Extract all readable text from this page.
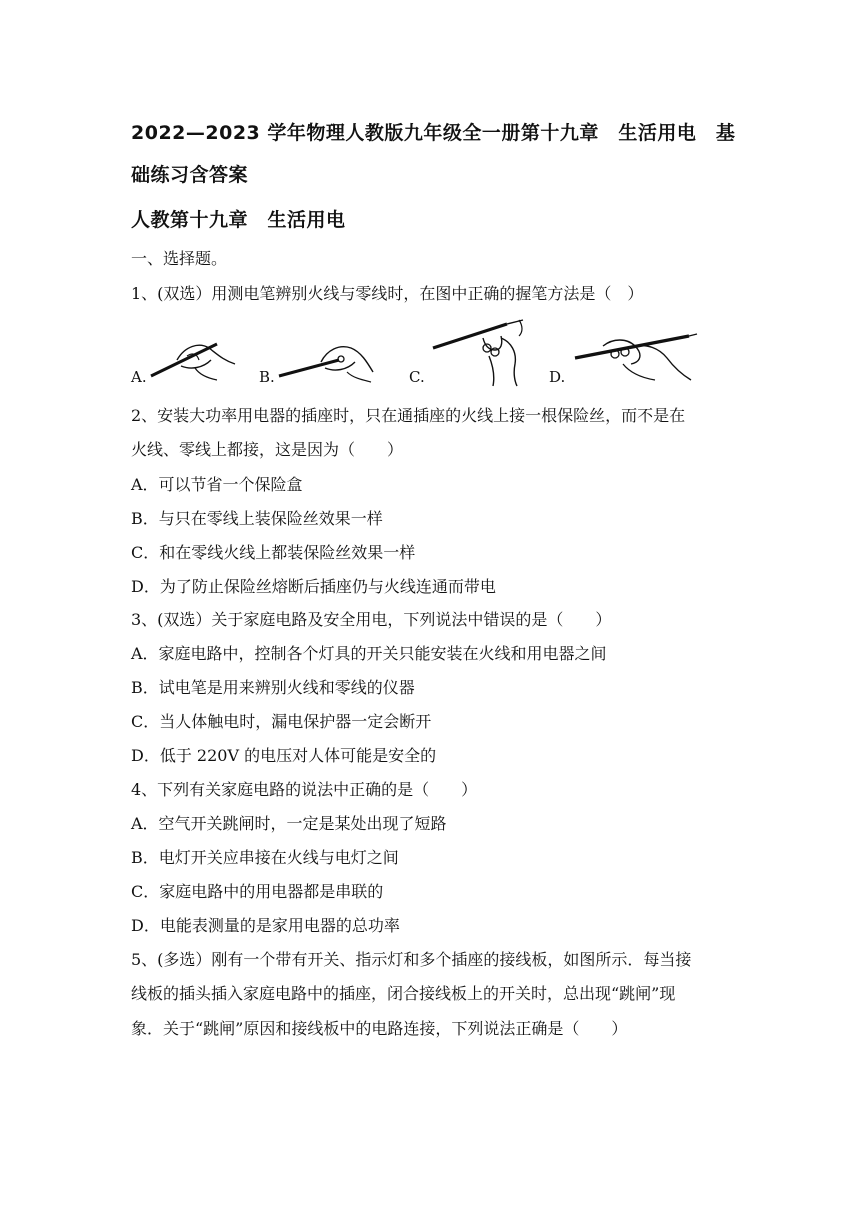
2022—2023 学年物理人教版九年级全一册第十九章　生活用电　基
础练习含答案
人教第十九章　生活用电
一、选择题。
1、(双选）用测电笔辨别火线与零线时，在图中正确的握笔方法是（　）
A.	B.	C.	D.
2、安装大功率用电器的插座时，只在通插座的火线上接一根保险丝，而不是在
火线、零线上都接，这是因为（　　）
A．可以节省一个保险盒
B．与只在零线上装保险丝效果一样
C．和在零线火线上都装保险丝效果一样
D．为了防止保险丝熔断后插座仍与火线连通而带电
3、(双选）关于家庭电路及安全用电，下列说法中错误的是（　　）
A．家庭电路中，控制各个灯具的开关只能安装在火线和用电器之间
B．试电笔是用来辨别火线和零线的仪器
C．当人体触电时，漏电保护器一定会断开
D．低于 220V 的电压对人体可能是安全的
4、下列有关家庭电路的说法中正确的是（　　）
A．空气开关跳闸时，一定是某处出现了短路
B．电灯开关应串接在火线与电灯之间
C．家庭电路中的用电器都是串联的
D．电能表测量的是家用电器的总功率
5、(多选）刚有一个带有开关、指示灯和多个插座的接线板，如图所示．每当接
线板的插头插入家庭电路中的插座，闭合接线板上的开关时，总出现“跳闸”现
象．关于“跳闸”原因和接线板中的电路连接，下列说法正确是（　　）
